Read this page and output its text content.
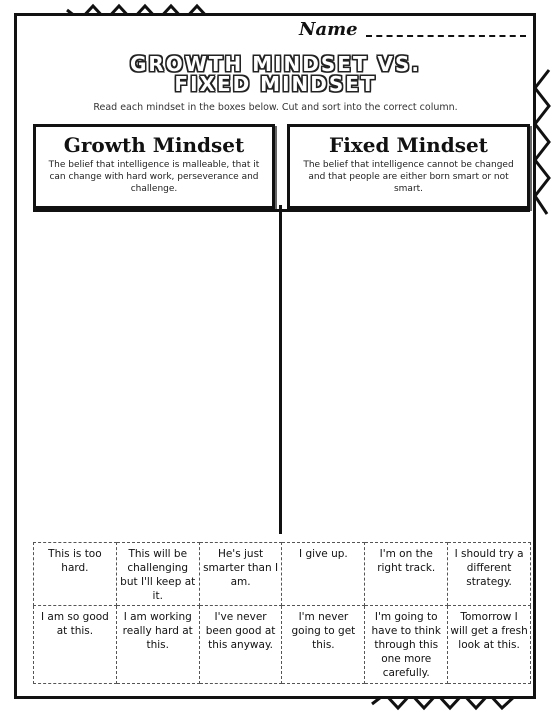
Name
GROWTH MINDSET VS.
FIXED MINDSET
Read each mindset in the boxes below. Cut and sort into the correct column.
Growth Mindset
The belief that intelligence is malleable, that it can change with hard work, perseverance and challenge.
Fixed Mindset
The belief that intelligence cannot be changed and that people are either born smart or not smart.
This is too hard.	This will be challenging but I'll keep at it.	He's just smarter than I am.	I give up.	I'm on the right track.	I should try a different strategy.
I am so good at this.	I am working really hard at this.	I've never been good at this anyway.	I'm never going to get this.	I'm going to have to think through this one more carefully.	Tomorrow I will get a fresh look at this.
